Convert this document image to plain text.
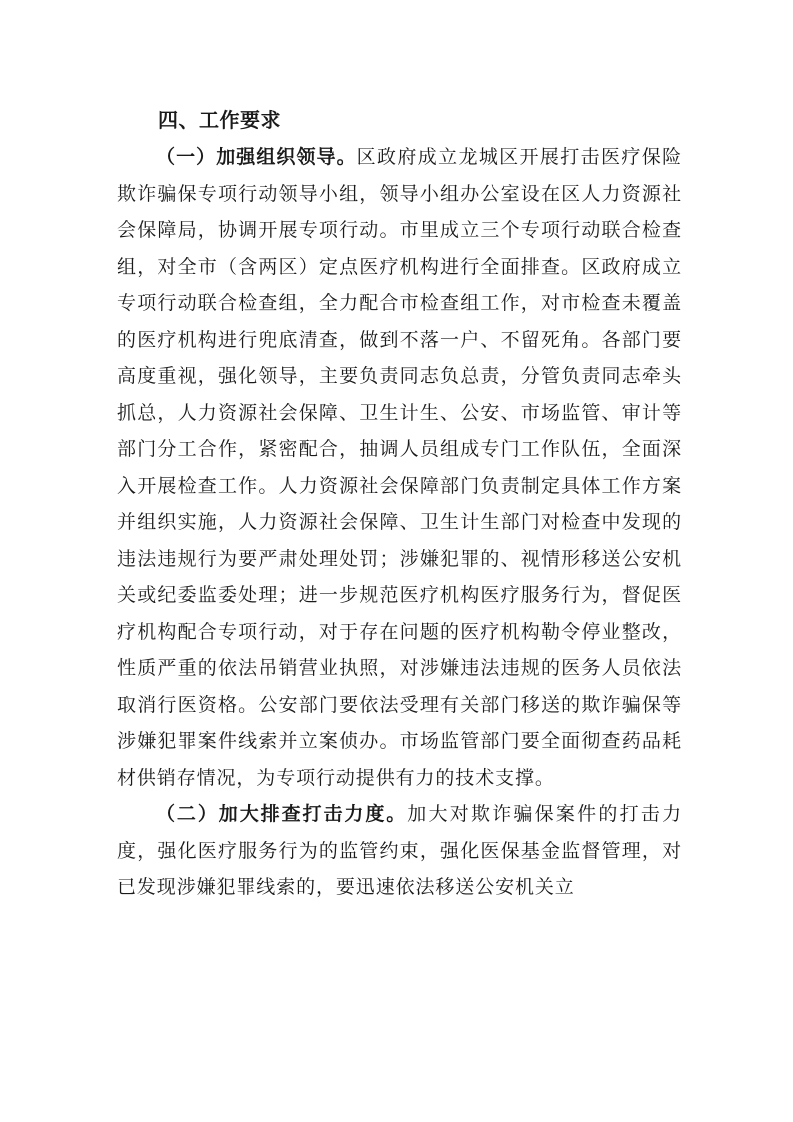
四、工作要求

（一）加强组织领导。区政府成立龙城区开展打击医疗保险欺诈骗保专项行动领导小组，领导小组办公室设在区人力资源社会保障局，协调开展专项行动。市里成立三个专项行动联合检查组，对全市（含两区）定点医疗机构进行全面排查。区政府成立专项行动联合检查组，全力配合市检查组工作，对市检查未覆盖的医疗机构进行兜底清查，做到不落一户、不留死角。各部门要高度重视，强化领导，主要负责同志负总责，分管负责同志牵头抓总，人力资源社会保障、卫生计生、公安、市场监管、审计等部门分工合作，紧密配合，抽调人员组成专门工作队伍，全面深入开展检查工作。人力资源社会保障部门负责制定具体工作方案并组织实施，人力资源社会保障、卫生计生部门对检查中发现的违法违规行为要严肃处理处罚；涉嫌犯罪的、视情形移送公安机关或纪委监委处理；进一步规范医疗机构医疗服务行为，督促医疗机构配合专项行动，对于存在问题的医疗机构勒令停业整改，性质严重的依法吊销营业执照，对涉嫌违法违规的医务人员依法取消行医资格。公安部门要依法受理有关部门移送的欺诈骗保等涉嫌犯罪案件线索并立案侦办。市场监管部门要全面彻查药品耗材供销存情况，为专项行动提供有力的技术支撑。

（二）加大排查打击力度。加大对欺诈骗保案件的打击力度，强化医疗服务行为的监管约束，强化医保基金监督管理，对已发现涉嫌犯罪线索的，要迅速依法移送公安机关立
